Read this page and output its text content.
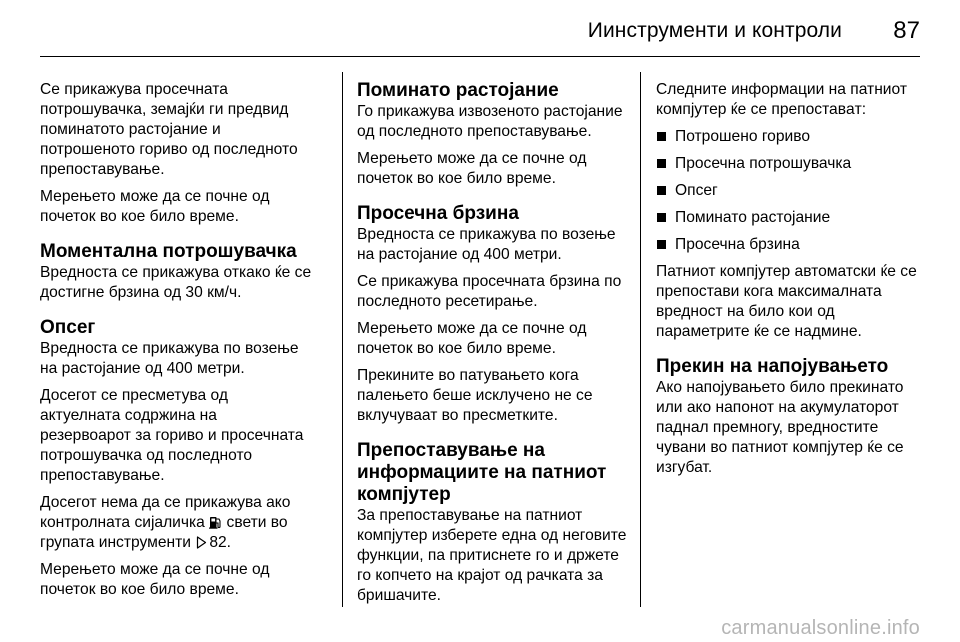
Иинструменти и контроли 87

Се прикажува просечната потрошувачка, земајќи ги предвид поминатото растојание и потрошеното гориво од последното препоставување.

Мерењето може да се почне од почеток во кое било време.

Моментална потрошувачка

Вредноста се прикажува откако ќе се достигне брзина од 30 км/ч.

Опсег

Вредноста се прикажува по возење на растојание од 400 метри.

Досегот се пресметува од актуелната содржина на резервоарот за гориво и просечната потрошувачка од последното препоставување.

Досегот нема да се прикажува ако контролната сијаличка свети во групата инструменти 82.

Мерењето може да се почне од почеток во кое било време.

Поминато растојание

Го прикажува извозеното растојание од последното препоставување.

Мерењето може да се почне од почеток во кое било време.

Просечна брзина

Вредноста се прикажува по возење на растојание од 400 метри.

Се прикажува просечната брзина по последното ресетирање.

Мерењето може да се почне од почеток во кое било време.

Прекините во патувањето кога палењето беше исклучено не се вклучуваат во пресметките.

Препоставување на информациите на патниот компјутер

За препоставување на патниот компјутер изберете една од неговите функции, па притиснете го и држете го копчето на крајот од рачката за бришачите.

Следните информации на патниот компјутер ќе се препоставaт:

Потрошено гориво
Просечна потрошувачка
Опсег
Поминато растојание
Просечна брзина

Патниот компјутер автоматски ќе се препостави кога максималната вредност на било кои од параметрите ќе се надмине.

Прекин на напојувањето

Ако напојувањето било прекинато или ако напонот на акумулаторот паднал премногу, вредностите чувани во патниот компјутер ќе се изгубат.

carmanualsonline.info
